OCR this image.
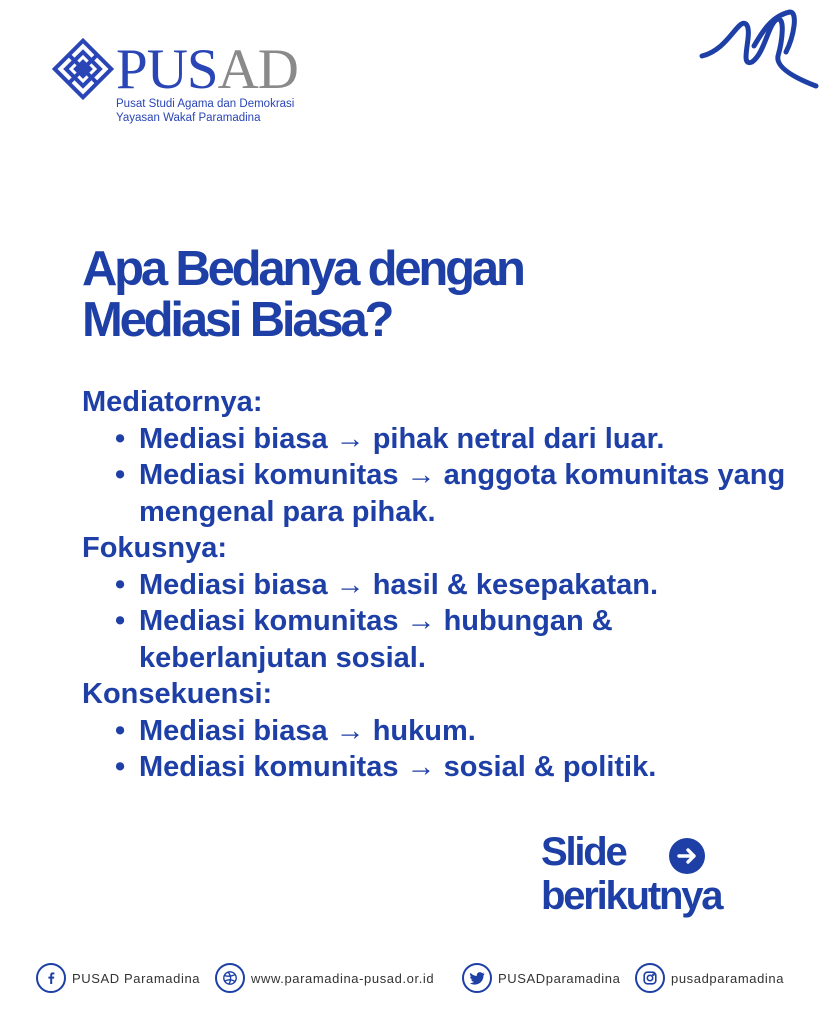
PUSAD
Pusat Studi Agama dan Demokrasi
Yayasan Wakaf Paramadina
Apa Bedanya dengan
Mediasi Biasa?
Mediatornya:
• Mediasi biasa → pihak netral dari luar.
• Mediasi komunitas → anggota komunitas yang mengenal para pihak.
Fokusnya:
• Mediasi biasa → hasil & kesepakatan.
• Mediasi komunitas → hubungan & keberlanjutan sosial.
Konsekuensi:
• Mediasi biasa → hukum.
• Mediasi komunitas → sosial & politik.
Slide
berikutnya
PUSAD Paramadina	www.paramadina-pusad.or.id	PUSADparamadina	pusadparamadina
